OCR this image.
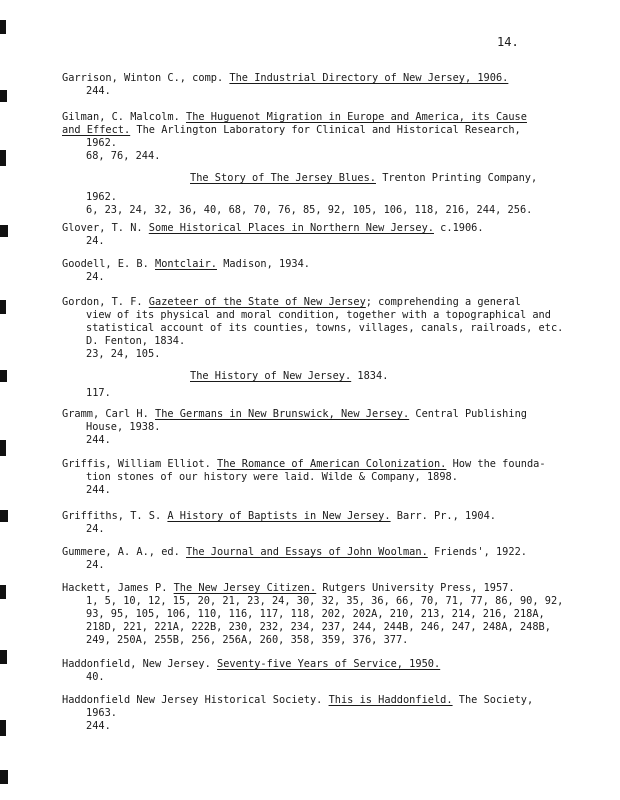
14.
Garrison, Winton C., comp. The Industrial Directory of New Jersey, 1906.
244.
Gilman, C. Malcolm. The Huguenot Migration in Europe and America, its Cause
and Effect. The Arlington Laboratory for Clinical and Historical Research,
1962.
68, 76, 244.
The Story of The Jersey Blues. Trenton Printing Company,
1962.
6, 23, 24, 32, 36, 40, 68, 70, 76, 85, 92, 105, 106, 118, 216, 244, 256.
Glover, T. N. Some Historical Places in Northern New Jersey. c.1906.
24.
Goodell, E. B. Montclair. Madison, 1934.
24.
Gordon, T. F. Gazeteer of the State of New Jersey; comprehending a general
view of its physical and moral condition, together with a topographical and
statistical account of its counties, towns, villages, canals, railroads, etc.
D. Fenton, 1834.
23, 24, 105.
The History of New Jersey. 1834.
117.
Gramm, Carl H. The Germans in New Brunswick, New Jersey. Central Publishing
House, 1938.
244.
Griffis, William Elliot. The Romance of American Colonization. How the founda-
tion stones of our history were laid. Wilde & Company, 1898.
244.
Griffiths, T. S. A History of Baptists in New Jersey. Barr. Pr., 1904.
24.
Gummere, A. A., ed. The Journal and Essays of John Woolman. Friends', 1922.
24.
Hackett, James P. The New Jersey Citizen. Rutgers University Press, 1957.
1, 5, 10, 12, 15, 20, 21, 23, 24, 30, 32, 35, 36, 66, 70, 71, 77, 86, 90, 92,
93, 95, 105, 106, 110, 116, 117, 118, 202, 202A, 210, 213, 214, 216, 218A,
218D, 221, 221A, 222B, 230, 232, 234, 237, 244, 244B, 246, 247, 248A, 248B,
249, 250A, 255B, 256, 256A, 260, 358, 359, 376, 377.
Haddonfield, New Jersey. Seventy-five Years of Service, 1950.
40.
Haddonfield New Jersey Historical Society. This is Haddonfield. The Society,
1963.
244.
